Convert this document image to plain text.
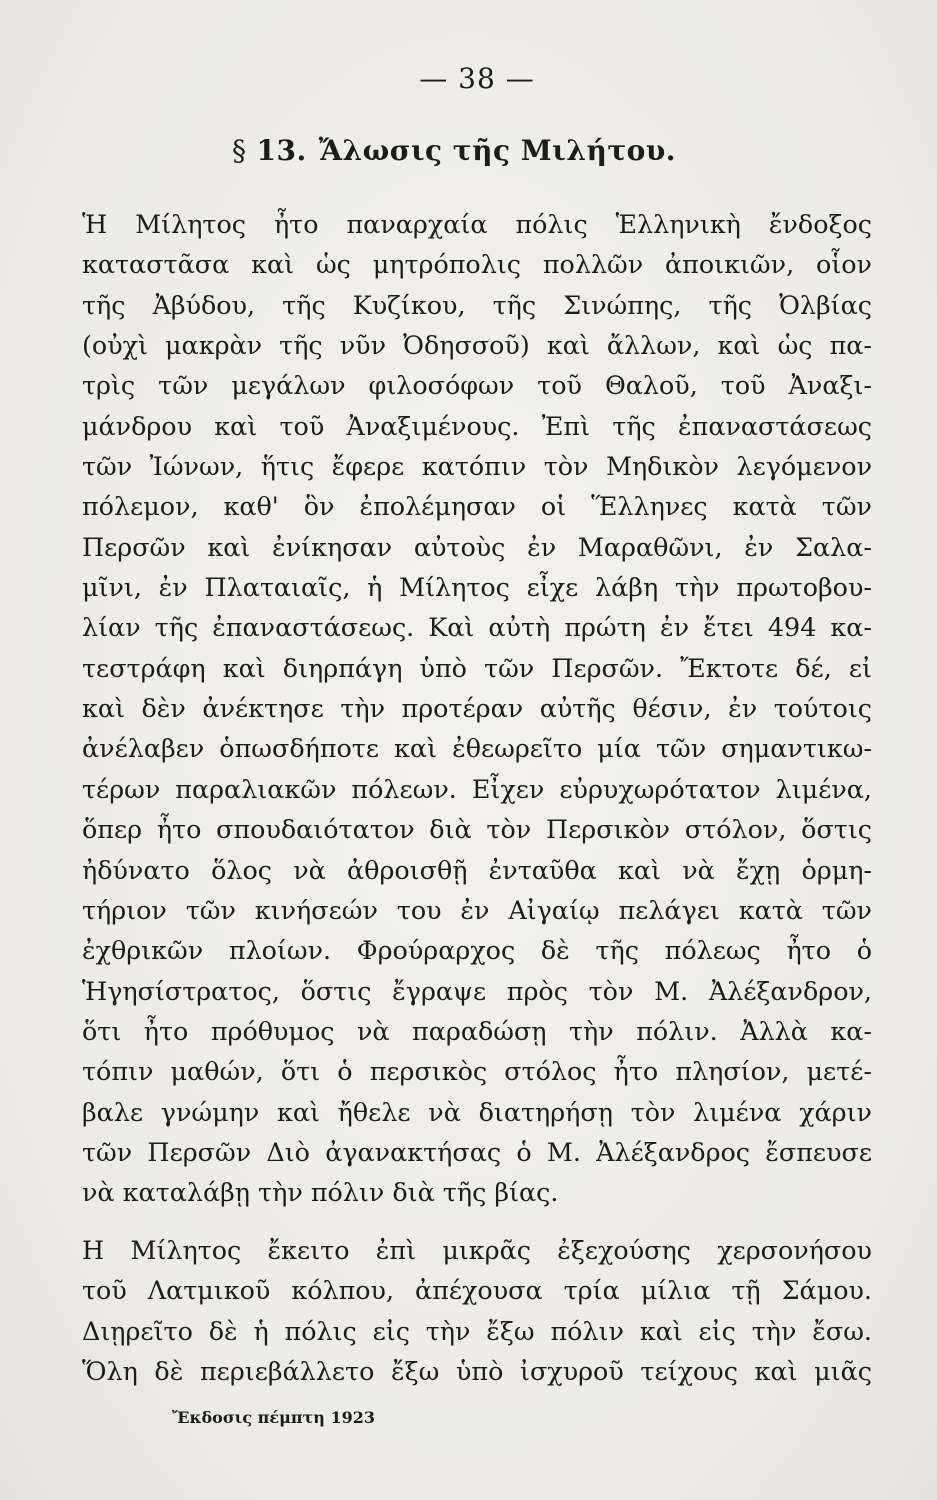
— 38 —
§ 13. Ἄλωσις τῆς Μιλήτου.
Ἡ Μίλητος ἦτο παναρχαία πόλις Ἑλληνικὴ ἔνδοξος
καταστᾶσα καὶ ὡς μητρόπολις πολλῶν ἀποικιῶν, οἷον
τῆς Ἀβύδου, τῆς Κυζίκου, τῆς Σινώπης, τῆς Ὀλβίας
(οὐχὶ μακρὰν τῆς νῦν Ὀδησσοῦ) καὶ ἄλλων, καὶ ὡς πα-
τρὶς τῶν μεγάλων φιλοσόφων τοῦ Θαλοῦ, τοῦ Ἀναξι-
μάνδρου καὶ τοῦ Ἀναξιμένους. Ἐπὶ τῆς ἐπαναστάσεως
τῶν Ἰώνων, ἥτις ἔφερε κατόπιν τὸν Μηδικὸν λεγόμενον
πόλεμον, καθ' ὃν ἐπολέμησαν οἱ Ἕλληνες κατὰ τῶν
Περσῶν καὶ ἐνίκησαν αὐτοὺς ἐν Μαραθῶνι, ἐν Σαλα-
μῖνι, ἐν Πλαταιαῖς, ἡ Μίλητος εἶχε λάβη τὴν πρωτοβου-
λίαν τῆς ἐπαναστάσεως. Καὶ αὐτὴ πρώτη ἐν ἔτει 494 κα-
τεστράφη καὶ διηρπάγη ὑπὸ τῶν Περσῶν. Ἔκτοτε δέ, εἰ
καὶ δὲν ἀνέκτησε τὴν προτέραν αὐτῆς θέσιν, ἐν τούτοις
ἀνέλαβεν ὁπωσδήποτε καὶ ἐθεωρεῖτο μία τῶν σημαντικω-
τέρων παραλιακῶν πόλεων. Εἶχεν εὐρυχωρότατον λιμένα,
ὅπερ ἦτο σπουδαιότατον διὰ τὸν Περσικὸν στόλον, ὅστις
ἠδύνατο ὅλος νὰ ἀθροισθῇ ἐνταῦθα καὶ νὰ ἔχῃ ὁρμη-
τήριον τῶν κινήσεών του ἐν Αἰγαίῳ πελάγει κατὰ τῶν
ἐχθρικῶν πλοίων. Φρούραρχος δὲ τῆς πόλεως ἦτο ὁ
Ἡγησίστρατος, ὅστις ἔγραψε πρὸς τὸν Μ. Ἀλέξανδρον,
ὅτι ἦτο πρόθυμος νὰ παραδώσῃ τὴν πόλιν. Ἀλλὰ κα-
τόπιν μαθών, ὅτι ὁ περσικὸς στόλος ἦτο πλησίον, μετέ-
βαλε γνώμην καὶ ἤθελε νὰ διατηρήσῃ τὸν λιμένα χάριν
τῶν Περσῶν Διὸ ἀγανακτήσας ὁ Μ. Ἀλέξανδρος ἔσπευσε
νὰ καταλάβῃ τὴν πόλιν διὰ τῆς βίας.
Η Μίλητος ἔκειτο ἐπὶ μικρᾶς ἐξεχούσης χερσονήσου
τοῦ Λατμικοῦ κόλπου, ἀπέχουσα τρία μίλια τῇ Σάμου.
Διῃρεῖτο δὲ ἡ πόλις εἰς τὴν ἔξω πόλιν καὶ εἰς τὴν ἔσω.
Ὅλη δὲ περιεβάλλετο ἔξω ὑπὸ ἰσχυροῦ τείχους καὶ μιᾶς
Ἔκδοσις πέμπτη 1923
